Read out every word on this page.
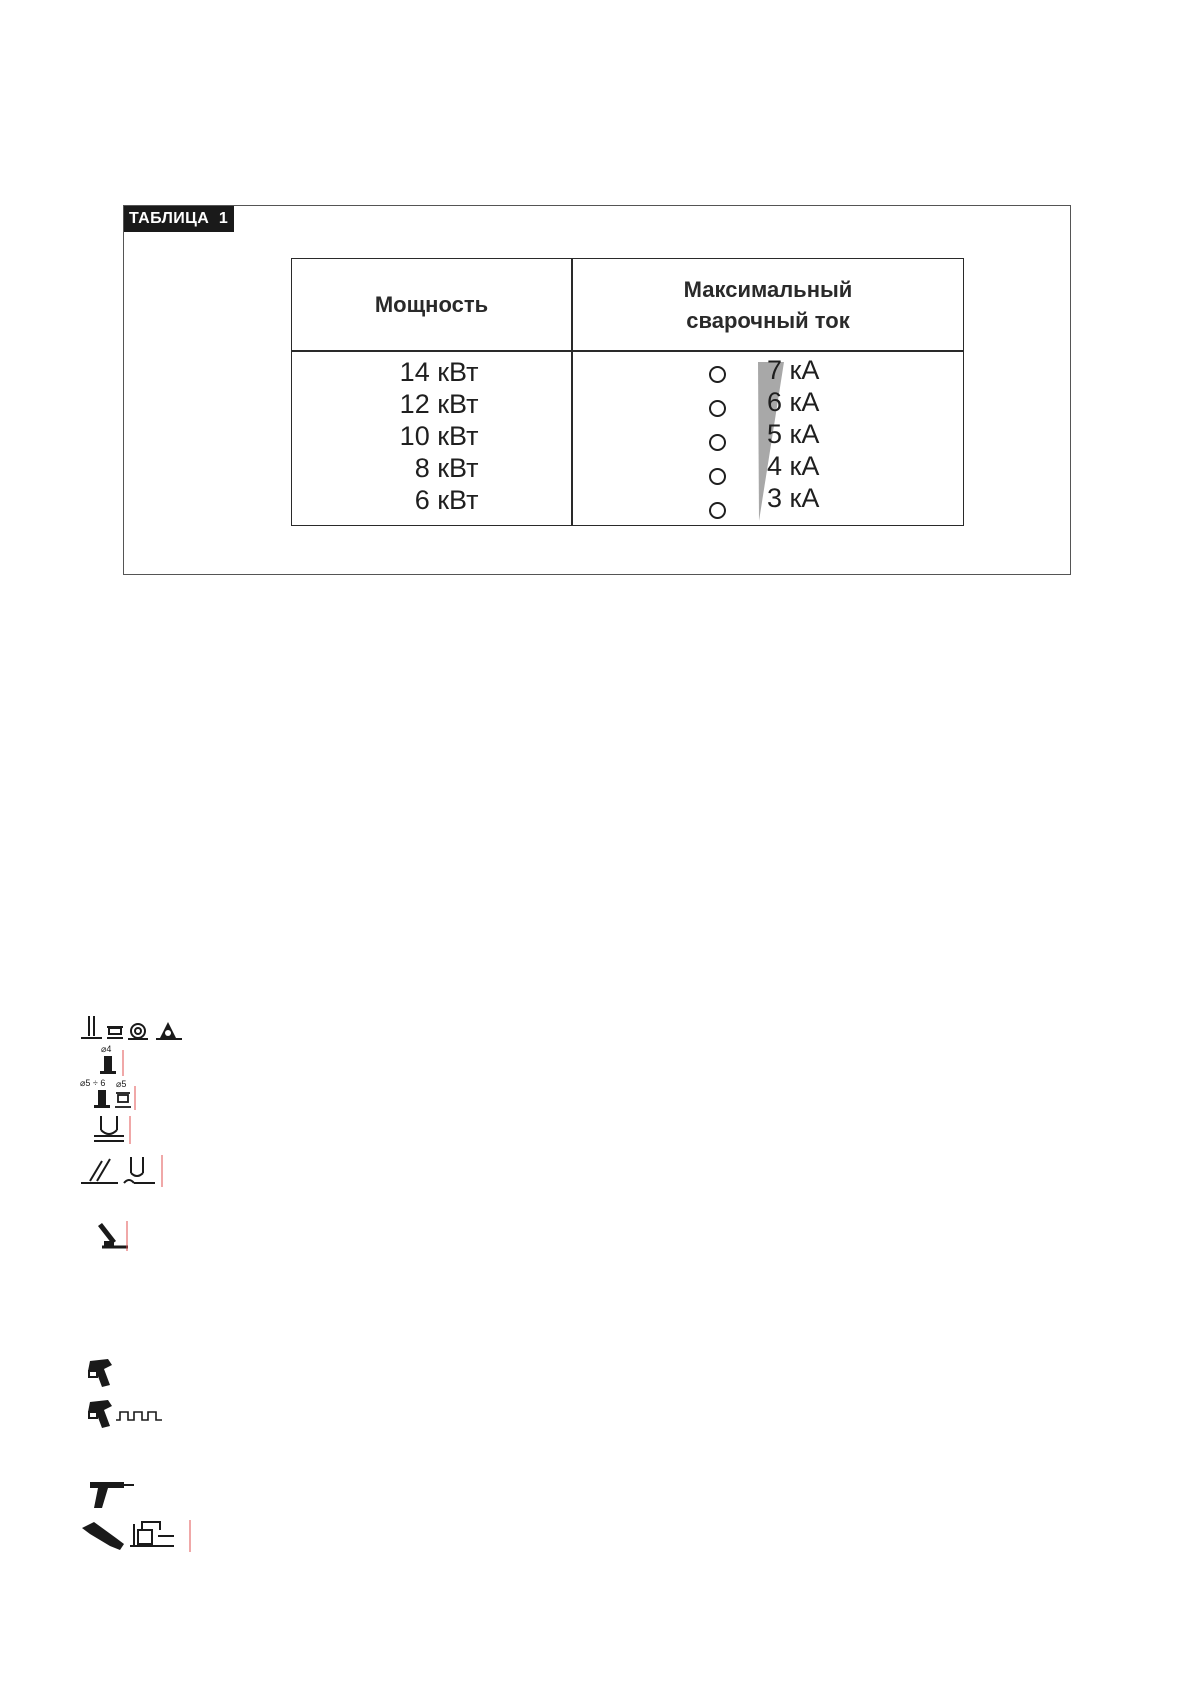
ТАБЛИЦА  1
Мощность
Максимальный
сварочный ток
14 кВт
12 кВт
10 кВт
8 кВт
6 кВт
7 кА
6 кА
5 кА
4 кА
3 кА
⌀4
⌀5 ÷ 6 ⌀5
